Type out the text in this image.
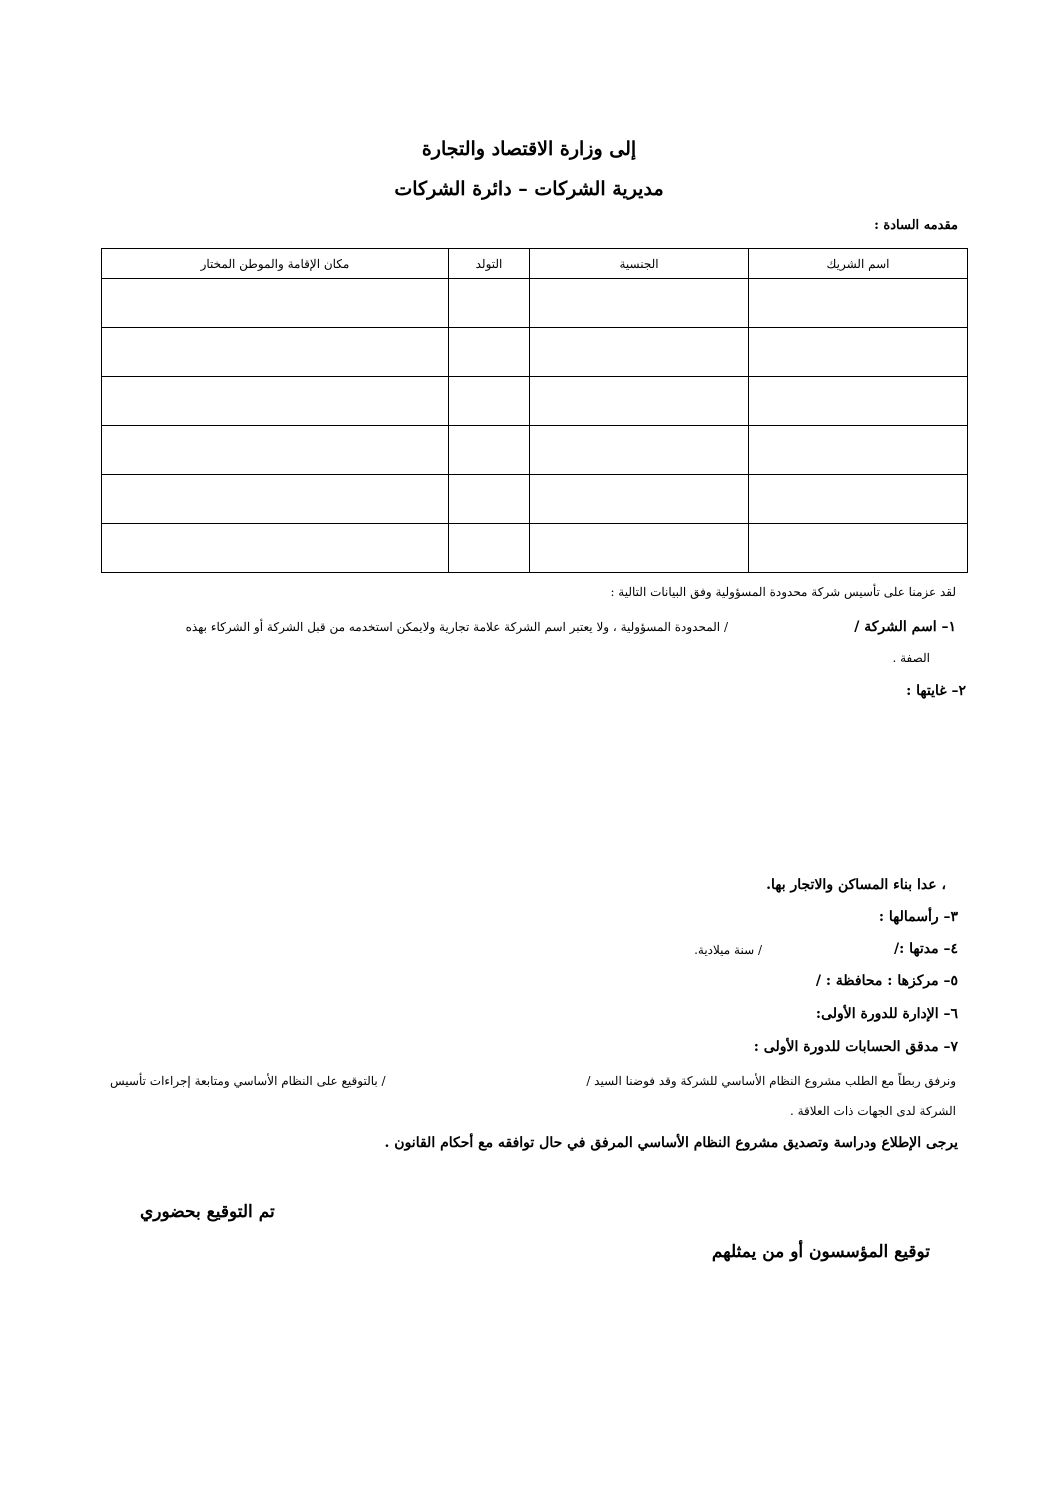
إلى وزارة الاقتصاد والتجارة
مديرية الشركات – دائرة الشركات
مقدمه السادة :
اسم الشريك	الجنسية	التولد	مكان الإقامة والموطن المختار

لقد عزمنا على تأسيس شركة محدودة المسؤولية وفق البيانات التالية :
١– اسم الشركة /
/ المحدودة المسؤولية ، ولا يعتبر اسم الشركة علامة تجارية ولايمكن استخدمه من قبل الشركة أو الشركاء بهذه
الصفة .
٢– غايتها :
، عدا بناء المساكن والاتجار بها.
٣– رأسمالها :
٤– مدتها :/
/ سنة ميلادية.
٥– مركزها : محافظة : /
٦– الإدارة للدورة الأولى:
٧– مدقق الحسابات للدورة الأولى :
ونرفق ربطاً مع الطلب مشروع النظام الأساسي للشركة وقد فوضنا السيد /
/ بالتوقيع على النظام الأساسي ومتابعة إجراءات تأسيس
الشركة لدى الجهات ذات العلاقة .
يرجى الإطلاع ودراسة وتصديق مشروع النظام الأساسي المرفق في حال توافقه مع أحكام القانون .
تم التوقيع بحضوري
توقيع المؤسسون أو من يمثلهم
